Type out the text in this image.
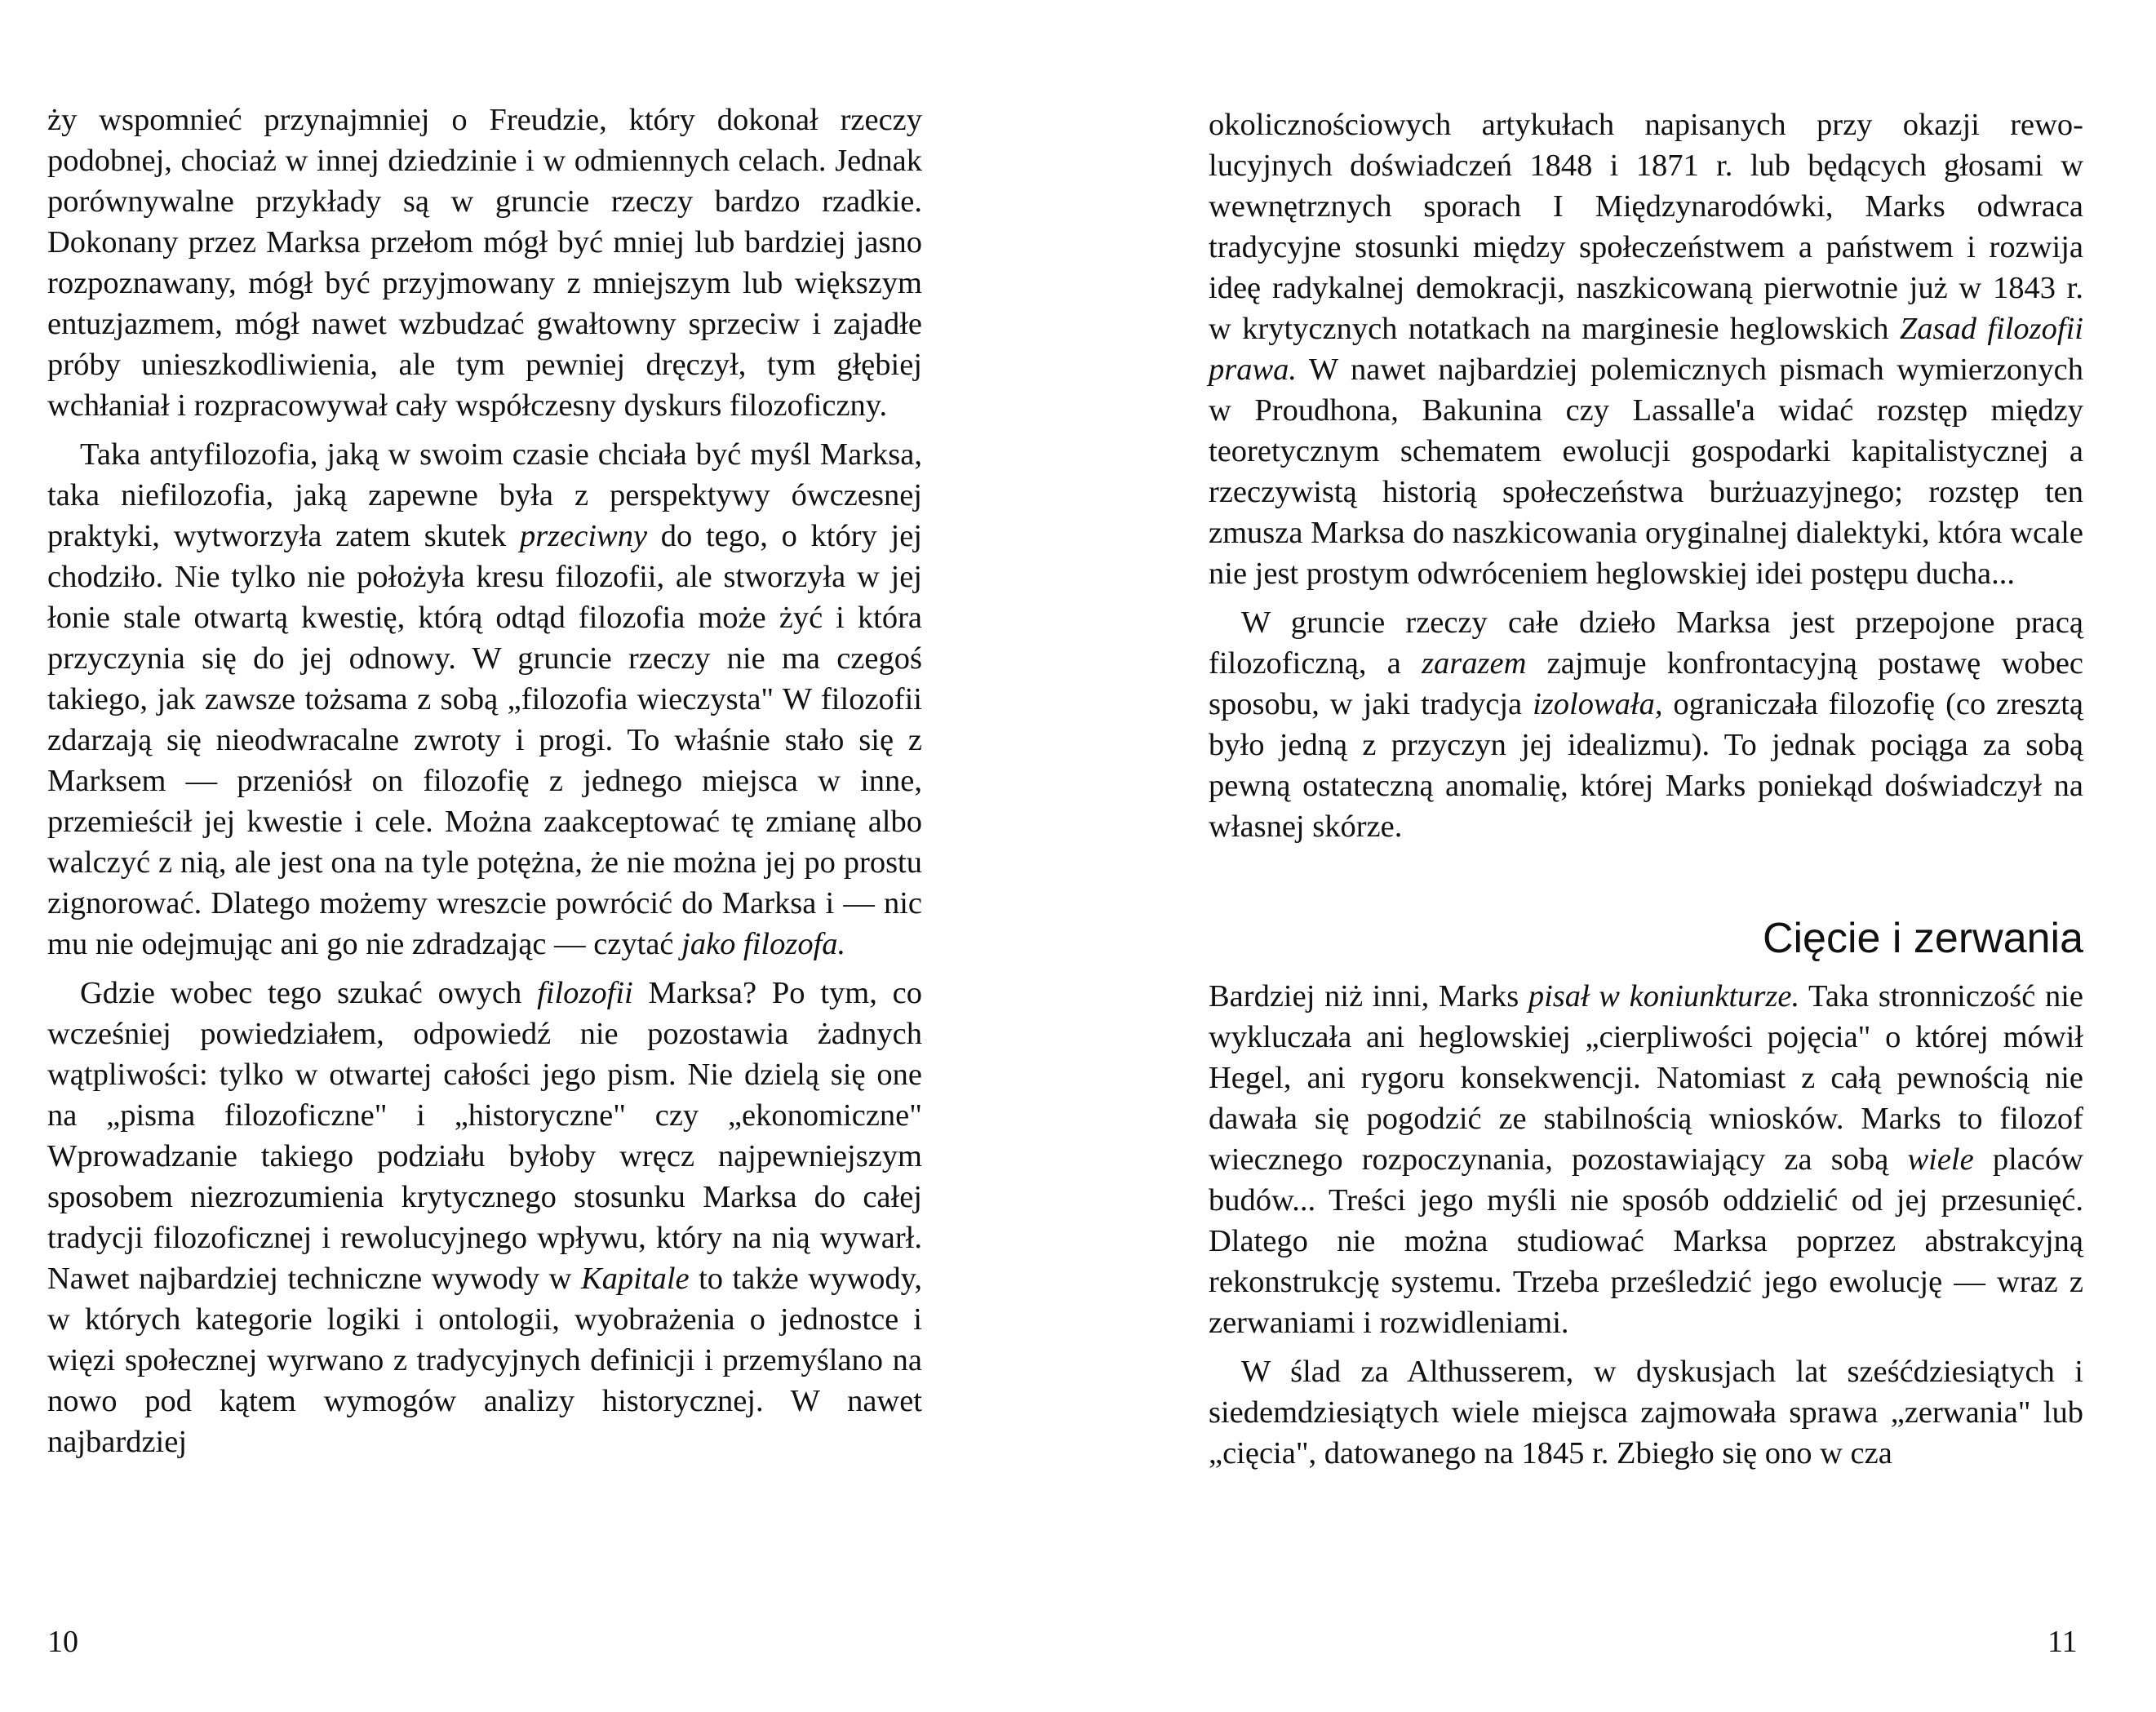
ży wspomnieć przynajmniej o Freudzie, który dokonał rzeczy podobnej, chociaż w innej dziedzinie i w odmiennych celach. Jednak porównywalne przykłady są w gruncie rzeczy bardzo rzadkie. Dokonany przez Marksa przełom mógł być mniej lub bardziej jasno rozpoznawany, mógł być przyjmowany z mniejszym lub większym entuzjazmem, mógł nawet wzbudzać gwałtowny sprzeciw i zajadłe próby unieszkodliwienia, ale tym pewniej dręczył, tym głębiej wchłaniał i rozpracowywał cały współczesny dyskurs filozoficzny.

Taka antyfilozofia, jaką w swoim czasie chciała być myśl Marksa, taka niefilozofia, jaką zapewne była z perspektywy ówczesnej praktyki, wytworzyła zatem skutek przeciwny do tego, o który jej chodziło. Nie tylko nie położyła kresu filozofii, ale stworzyła w jej łonie stale otwartą kwestię, którą odtąd filozofia może żyć i która przyczynia się do jej odnowy. W gruncie rzeczy nie ma czegoś takiego, jak zawsze tożsama z sobą „filozofia wieczysta" W filozofii zdarzają się nieodwracalne zwroty i progi. To właśnie stało się z Marksem — przeniósł on filozofię z jednego miejsca w inne, przemieścił jej kwestie i cele. Można zaakceptować tę zmianę albo walczyć z nią, ale jest ona na tyle potężna, że nie można jej po prostu zignorować. Dlatego możemy wreszcie powrócić do Marksa i — nic mu nie odejmując ani go nie zdradzając — czytać jako filozofa.

Gdzie wobec tego szukać owych filozofii Marksa? Po tym, co wcześniej powiedziałem, odpowiedź nie pozostawia żadnych wątpliwości: tylko w otwartej całości jego pism. Nie dzielą się one na „pisma filozoficzne" i „historyczne" czy „ekonomiczne" Wprowadzanie takiego podziału byłoby wręcz najpewniejszym sposobem niezrozumienia krytycznego stosunku Marksa do całej tradycji filozoficznej i rewolucyjnego wpływu, który na nią wywarł. Nawet najbardziej techniczne wywody w Kapitale to także wywody, w których kategorie logiki i ontologii, wyobrażenia o jednostce i więzi społecznej wyrwano z tradycyjnych definicji i przemyślano na nowo pod kątem wymogów analizy historycznej. W nawet najbardziej

10

okolicznościowych artykułach napisanych przy okazji rewolucyjnych doświadczeń 1848 i 1871 r. lub będących głosami w wewnętrznych sporach I Międzynarodówki, Marks odwraca tradycyjne stosunki między społeczeństwem a państwem i rozwija ideę radykalnej demokracji, naszkicowaną pierwotnie już w 1843 r. w krytycznych notatkach na marginesie heglowskich Zasad filozofii prawa. W nawet najbardziej polemicznych pismach wymierzonych w Proudhona, Bakunina czy Lassalle'a widać rozstęp między teoretycznym schematem ewolucji gospodarki kapitalistycznej a rzeczywistą historią społeczeństwa burżuazyjnego; rozstęp ten zmusza Marksa do naszkicowania oryginalnej dialektyki, która wcale nie jest prostym odwróceniem heglowskiej idei postępu ducha...

W gruncie rzeczy całe dzieło Marksa jest przepojone pracą filozoficzną, a zarazem zajmuje konfrontacyjną postawę wobec sposobu, w jaki tradycja izolowała, ograniczała filozofię (co zresztą było jedną z przyczyn jej idealizmu). To jednak pociąga za sobą pewną ostateczną anomalię, której Marks poniekąd doświadczył na własnej skórze.

Cięcie i zerwania

Bardziej niż inni, Marks pisał w koniunkturze. Taka stronniczość nie wykluczała ani heglowskiej „cierpliwości pojęcia" o której mówił Hegel, ani rygoru konsekwencji. Natomiast z całą pewnością nie dawała się pogodzić ze stabilnością wniosków. Marks to filozof wiecznego rozpoczynania, pozostawiający za sobą wiele placów budów... Treści jego myśli nie sposób oddzielić od jej przesunięć. Dlatego nie można studiować Marksa poprzez abstrakcyjną rekonstrukcję systemu. Trzeba prześledzić jego ewolucję — wraz z zerwaniami i rozwidleniami.

W ślad za Althusserem, w dyskusjach lat sześćdziesiątych i siedemdziesiątych wiele miejsca zajmowała sprawa „zerwania" lub „cięcia", datowanego na 1845 r. Zbiegło się ono w cza

11
